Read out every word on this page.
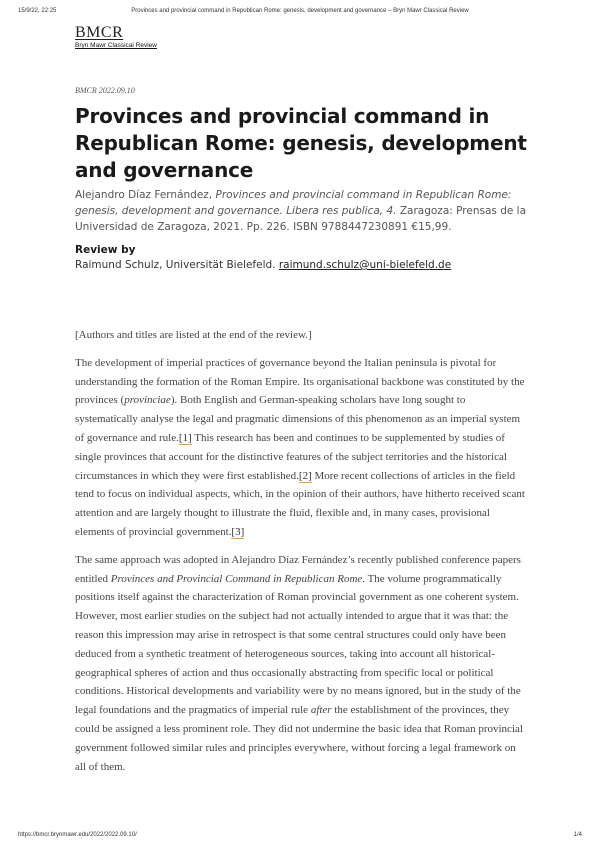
15/9/22, 22:25	Provinces and provincial command in Republican Rome: genesis, development and governance – Bryn Mawr Classical Review
BMCR
Bryn Mawr Classical Review
BMCR 2022.09.10
Provinces and provincial command in Republican Rome: genesis, development and governance
Alejandro Díaz Fernández, Provinces and provincial command in Republican Rome: genesis, development and governance. Libera res publica, 4. Zaragoza: Prensas de la Universidad de Zaragoza, 2021. Pp. 226. ISBN 9788447230891 €15,99.
Review by
Raimund Schulz, Universität Bielefeld. raimund.schulz@uni-bielefeld.de

[Authors and titles are listed at the end of the review.]

The development of imperial practices of governance beyond the Italian peninsula is pivotal for understanding the formation of the Roman Empire. Its organisational backbone was constituted by the provinces (provinciae). Both English and German-speaking scholars have long sought to systematically analyse the legal and pragmatic dimensions of this phenomenon as an imperial system of governance and rule.[1] This research has been and continues to be supplemented by studies of single provinces that account for the distinctive features of the subject territories and the historical circumstances in which they were first established.[2] More recent collections of articles in the field tend to focus on individual aspects, which, in the opinion of their authors, have hitherto received scant attention and are largely thought to illustrate the fluid, flexible and, in many cases, provisional elements of provincial government.[3]

The same approach was adopted in Alejandro Díaz Fernández’s recently published conference papers entitled Provinces and Provincial Command in Republican Rome. The volume programmatically positions itself against the characterization of Roman provincial government as one coherent system. However, most earlier studies on the subject had not actually intended to argue that it was that: the reason this impression may arise in retrospect is that some central structures could only have been deduced from a synthetic treatment of heterogeneous sources, taking into account all historical-geographical spheres of action and thus occasionally abstracting from specific local or political conditions. Historical developments and variability were by no means ignored, but in the study of the legal foundations and the pragmatics of imperial rule after the establishment of the provinces, they could be assigned a less prominent role. They did not undermine the basic idea that Roman provincial government followed similar rules and principles everywhere, without forcing a legal framework on all of them.

https://bmcr.brynmawr.edu/2022/2022.09.10/	1/4
